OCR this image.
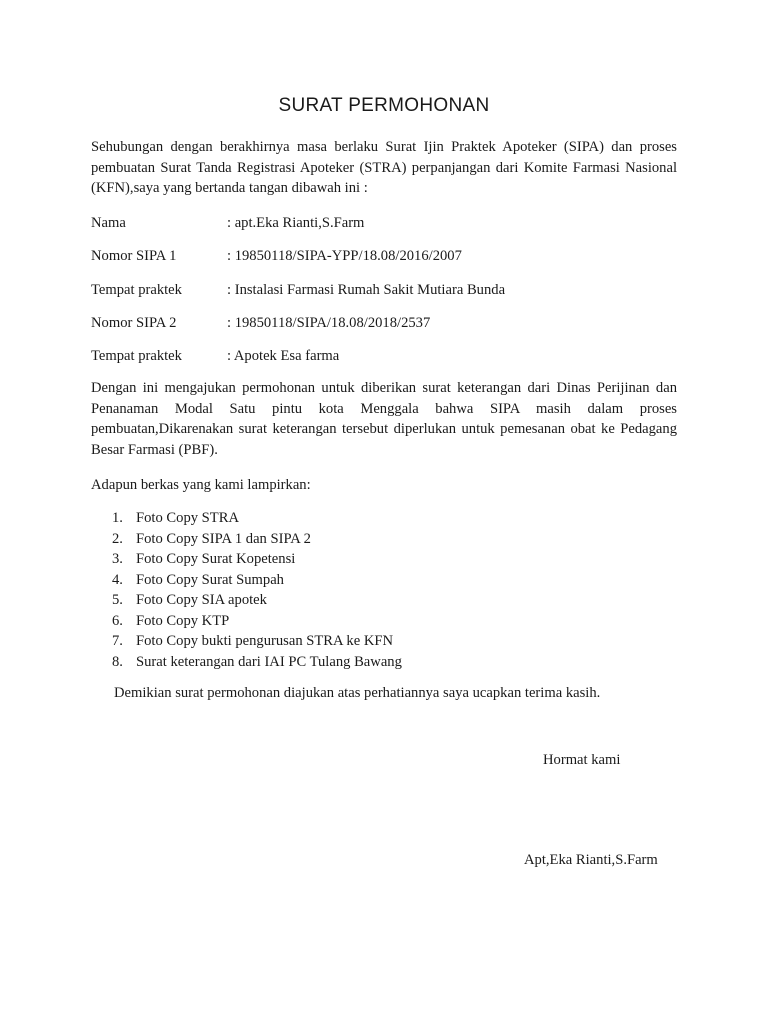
SURAT PERMOHONAN

Sehubungan dengan berakhirnya masa berlaku Surat Ijin Praktek Apoteker (SIPA) dan proses pembuatan Surat Tanda Registrasi Apoteker (STRA) perpanjangan dari Komite Farmasi Nasional (KFN),saya yang bertanda tangan dibawah ini :

Nama	: apt.Eka Rianti,S.Farm
Nomor SIPA 1	: 19850118/SIPA-YPP/18.08/2016/2007
Tempat praktek	: Instalasi Farmasi Rumah Sakit Mutiara Bunda
Nomor SIPA 2	: 19850118/SIPA/18.08/2018/2537
Tempat praktek	: Apotek Esa farma

Dengan ini mengajukan permohonan untuk diberikan surat keterangan dari Dinas Perijinan dan Penanaman Modal Satu pintu kota Menggala bahwa SIPA masih dalam proses pembuatan,Dikarenakan surat keterangan tersebut diperlukan untuk pemesanan obat ke Pedagang Besar Farmasi (PBF).

Adapun berkas yang kami lampirkan:

1. Foto Copy STRA
2. Foto Copy SIPA 1 dan SIPA 2
3. Foto Copy Surat Kopetensi
4. Foto Copy Surat Sumpah
5. Foto Copy SIA apotek
6. Foto Copy KTP
7. Foto Copy bukti pengurusan STRA ke KFN
8. Surat keterangan dari IAI PC Tulang Bawang
Demikian surat permohonan diajukan atas perhatiannya saya ucapkan terima kasih.
Hormat kami
Apt,Eka Rianti,S.Farm
